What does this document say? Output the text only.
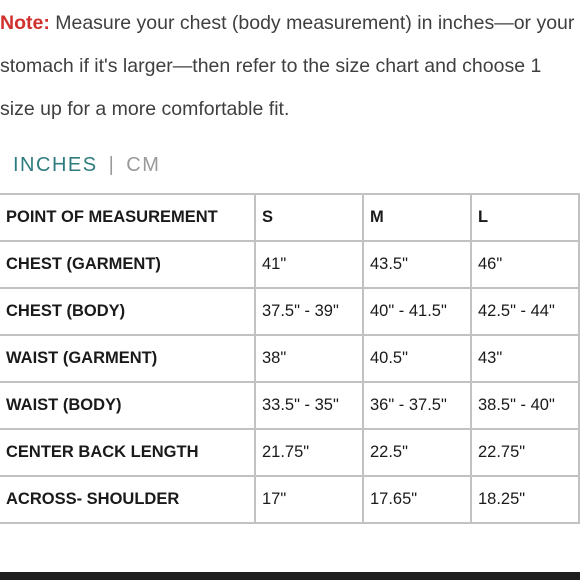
Note: Measure your chest (body measurement) in inches—or your stomach if it's larger—then refer to the size chart and choose 1 size up for a more comfortable fit.

INCHES | CM
POINT OF MEASUREMENT	S	M	L
CHEST (GARMENT)	41"	43.5"	46"
CHEST (BODY)	37.5" - 39"	40" - 41.5"	42.5" - 44"
WAIST (GARMENT)	38"	40.5"	43"
WAIST (BODY)	33.5" - 35"	36" - 37.5"	38.5" - 40"
CENTER BACK LENGTH	21.75"	22.5"	22.75"
ACROSS- SHOULDER	17"	17.65"	18.25"
